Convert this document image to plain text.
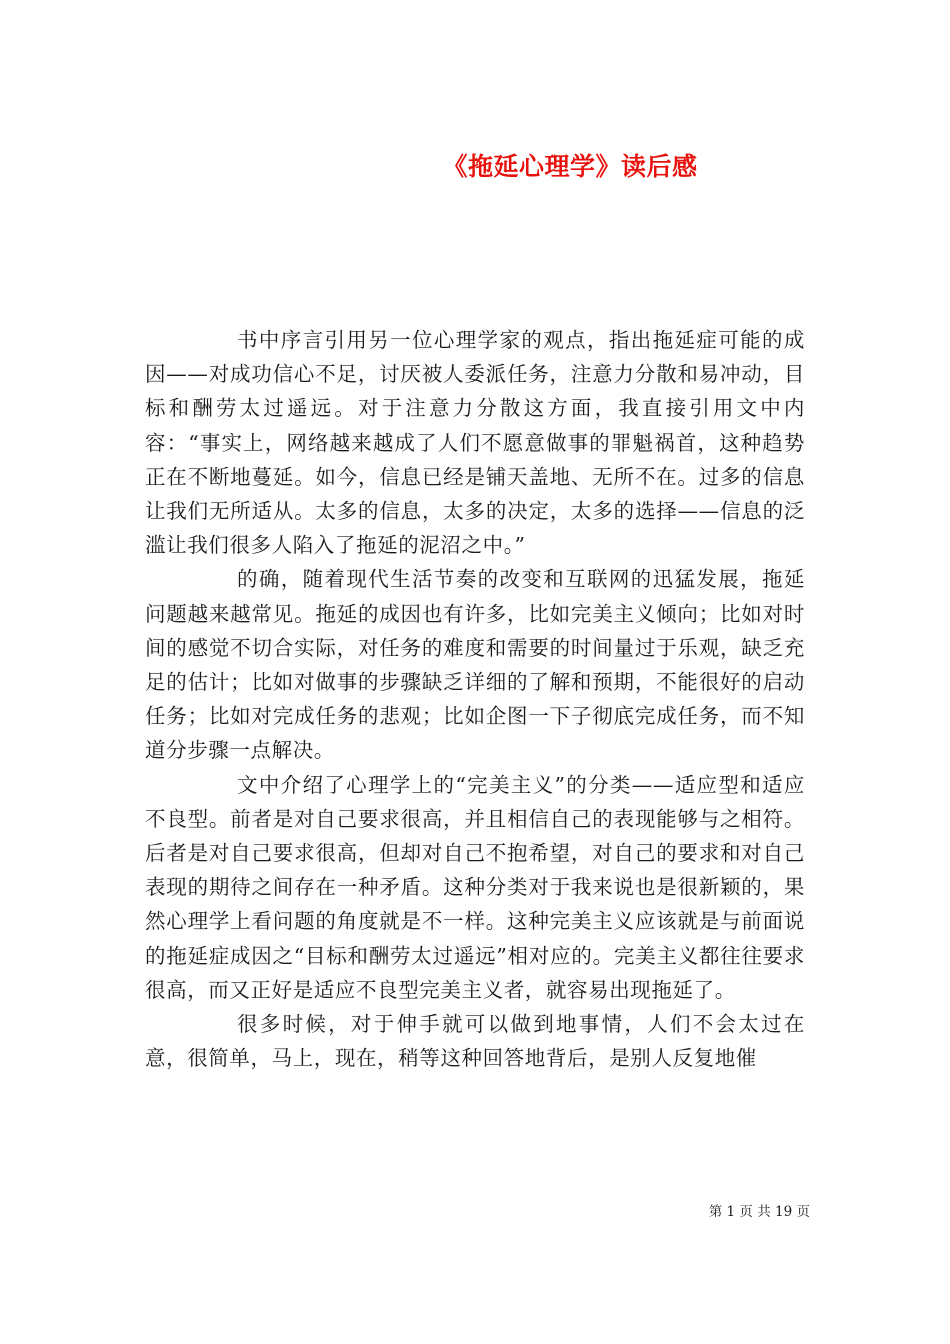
《拖延心理学》读后感

书中序言引用另一位心理学家的观点，指出拖延症可能的成因——对成功信心不足，讨厌被人委派任务，注意力分散和易冲动，目标和酬劳太过遥远。对于注意力分散这方面，我直接引用文中内容：“事实上，网络越来越成了人们不愿意做事的罪魁祸首，这种趋势正在不断地蔓延。如今，信息已经是铺天盖地、无所不在。过多的信息让我们无所适从。太多的信息，太多的决定，太多的选择——信息的泛滥让我们很多人陷入了拖延的泥沼之中。”

的确，随着现代生活节奏的改变和互联网的迅猛发展，拖延问题越来越常见。拖延的成因也有许多，比如完美主义倾向；比如对时间的感觉不切合实际，对任务的难度和需要的时间量过于乐观，缺乏充足的估计；比如对做事的步骤缺乏详细的了解和预期，不能很好的启动任务；比如对完成任务的悲观；比如企图一下子彻底完成任务，而不知道分步骤一点解决。

文中介绍了心理学上的“完美主义”的分类——适应型和适应不良型。前者是对自己要求很高，并且相信自己的表现能够与之相符。后者是对自己要求很高，但却对自己不抱希望，对自己的要求和对自己表现的期待之间存在一种矛盾。这种分类对于我来说也是很新颖的，果然心理学上看问题的角度就是不一样。这种完美主义应该就是与前面说的拖延症成因之“目标和酬劳太过遥远”相对应的。完美主义都往往要求很高，而又正好是适应不良型完美主义者，就容易出现拖延了。

很多时候，对于伸手就可以做到地事情，人们不会太过在意，很简单，马上，现在，稍等这种回答地背后，是别人反复地催

第 1 页 共 19 页
